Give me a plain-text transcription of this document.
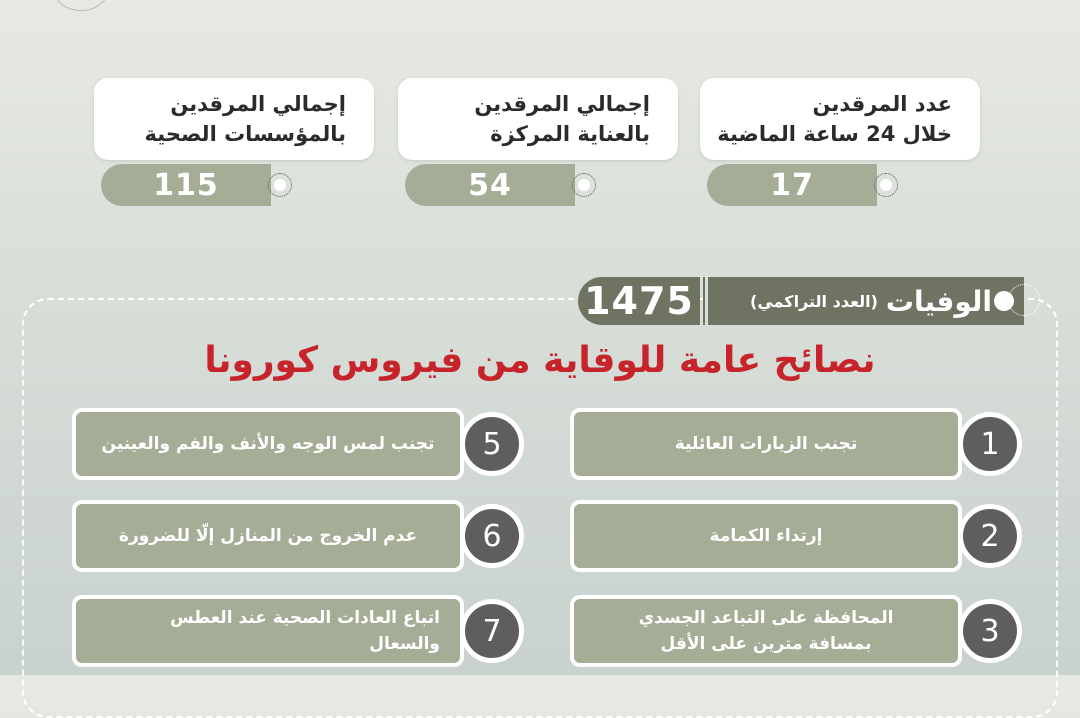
عدد المرقدين
خلال 24 ساعة الماضية
17
إجمالي المرقدين
بالعناية المركزة
54
إجمالي المرقدين
بالمؤسسات الصحية
115
1475	الوفيات
(العدد التراكمي)
نصائح عامة للوقاية من فيروس كورونا
تجنب الزيارات العائلية	1
إرتداء الكمامة	2
المحافظة على التباعد الجسدي
بمسافة مترين على الأقل	3
تجنب لمس الوجه والأنف والفم والعينين	5
عدم الخروج من المنازل إلّا للضرورة	6
اتباع العادات الصحية عند العطس والسعال	7
